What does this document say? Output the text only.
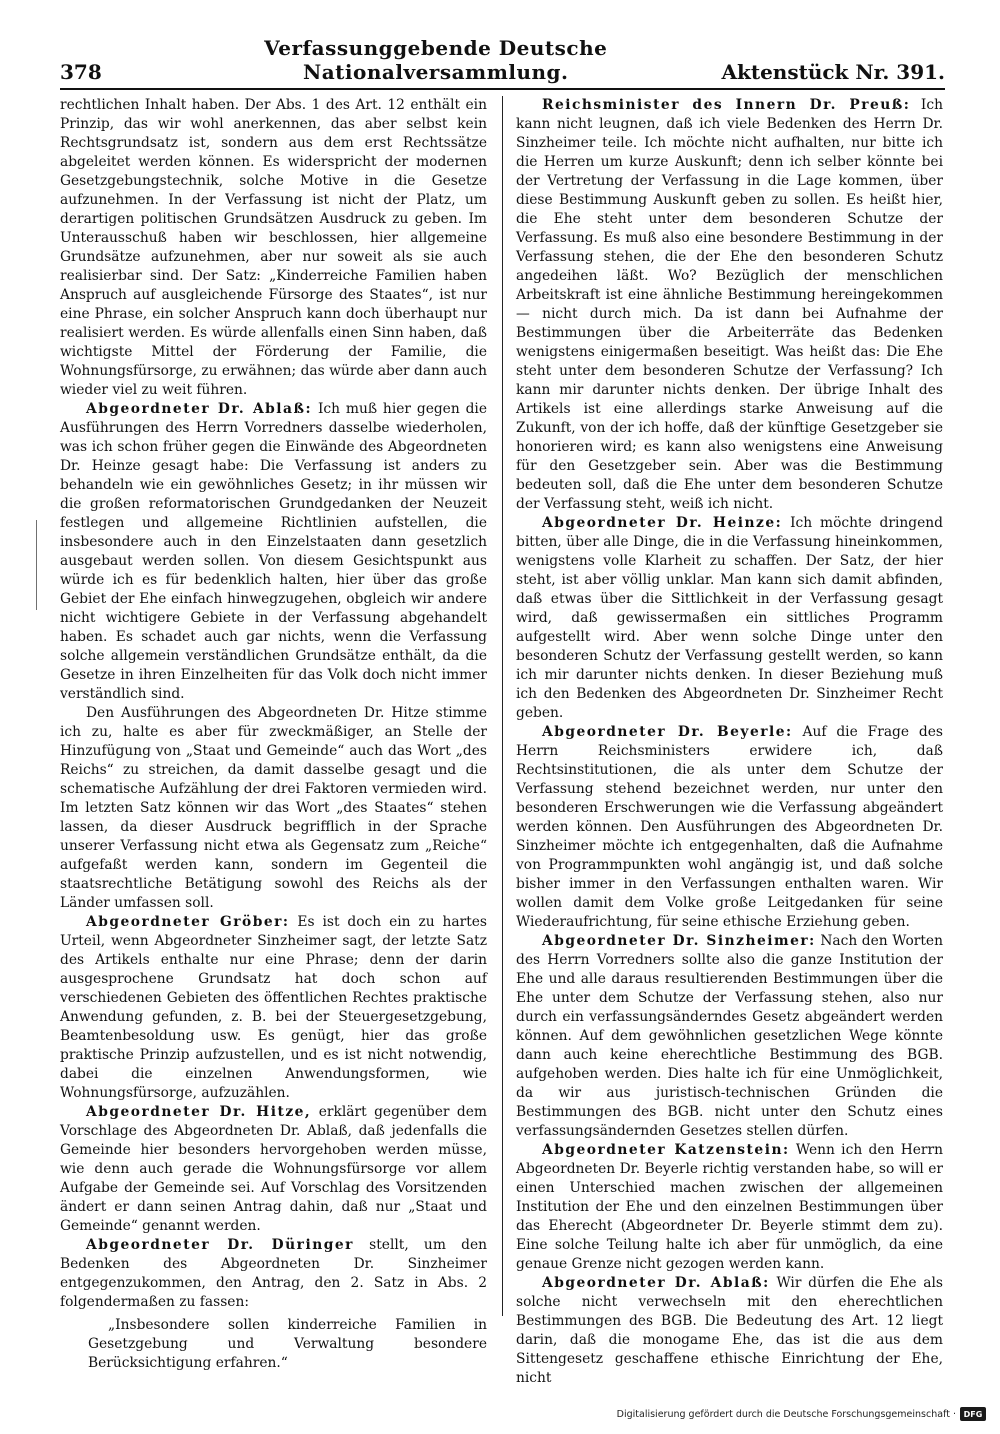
378
Verfassunggebende Deutsche Nationalversammlung.	Aktenstück Nr. 391.

rechtlichen Inhalt haben. Der Abs. 1 des Art. 12 enthält ein Prinzip, das wir wohl anerkennen, das aber selbst kein Rechtsgrundsatz ist, sondern aus dem erst Rechtssätze abgeleitet werden können. Es widerspricht der modernen Gesetzgebungstechnik, solche Motive in die Gesetze aufzunehmen. In der Verfassung ist nicht der Platz, um derartigen politischen Grundsätzen Ausdruck zu geben. Im Unterausschuß haben wir beschlossen, hier allgemeine Grundsätze aufzunehmen, aber nur soweit als sie auch realisierbar sind. Der Satz: „Kinderreiche Familien haben Anspruch auf ausgleichende Fürsorge des Staates“, ist nur eine Phrase, ein solcher Anspruch kann doch überhaupt nur realisiert werden. Es würde allenfalls einen Sinn haben, daß wichtigste Mittel der Förderung der Familie, die Wohnungsfürsorge, zu erwähnen; das würde aber dann auch wieder viel zu weit führen.

Abgeordneter Dr. Ablaß: Ich muß hier gegen die Ausführungen des Herrn Vorredners dasselbe wiederholen, was ich schon früher gegen die Einwände des Abgeordneten Dr. Heinze gesagt habe: Die Verfassung ist anders zu behandeln wie ein gewöhnliches Gesetz; in ihr müssen wir die großen reformatorischen Grundgedanken der Neuzeit festlegen und allgemeine Richtlinien aufstellen, die insbesondere auch in den Einzelstaaten dann gesetzlich ausgebaut werden sollen. Von diesem Gesichtspunkt aus würde ich es für bedenklich halten, hier über das große Gebiet der Ehe einfach hinwegzugehen, obgleich wir andere nicht wichtigere Gebiete in der Verfassung abgehandelt haben. Es schadet auch gar nichts, wenn die Verfassung solche allgemein verständlichen Grundsätze enthält, da die Gesetze in ihren Einzelheiten für das Volk doch nicht immer verständlich sind.

Den Ausführungen des Abgeordneten Dr. Hitze stimme ich zu, halte es aber für zweckmäßiger, an Stelle der Hinzufügung von „Staat und Gemeinde“ auch das Wort „des Reichs“ zu streichen, da damit dasselbe gesagt und die schematische Aufzählung der drei Faktoren vermieden wird. Im letzten Satz können wir das Wort „des Staates“ stehen lassen, da dieser Ausdruck begrifflich in der Sprache unserer Verfassung nicht etwa als Gegensatz zum „Reiche“ aufgefaßt werden kann, sondern im Gegenteil die staatsrechtliche Betätigung sowohl des Reichs als der Länder umfassen soll.

Abgeordneter Gröber: Es ist doch ein zu hartes Urteil, wenn Abgeordneter Sinzheimer sagt, der letzte Satz des Artikels enthalte nur eine Phrase; denn der darin ausgesprochene Grundsatz hat doch schon auf verschiedenen Gebieten des öffentlichen Rechtes praktische Anwendung gefunden, z. B. bei der Steuergesetzgebung, Beamtenbesoldung usw. Es genügt, hier das große praktische Prinzip aufzustellen, und es ist nicht notwendig, dabei die einzelnen Anwendungsformen, wie Wohnungsfürsorge, aufzuzählen.

Abgeordneter Dr. Hitze, erklärt gegenüber dem Vorschlage des Abgeordneten Dr. Ablaß, daß jedenfalls die Gemeinde hier besonders hervorgehoben werden müsse, wie denn auch gerade die Wohnungsfürsorge vor allem Aufgabe der Gemeinde sei. Auf Vorschlag des Vorsitzenden ändert er dann seinen Antrag dahin, daß nur „Staat und Gemeinde“ genannt werden.

Abgeordneter Dr. Düringer stellt, um den Bedenken des Abgeordneten Dr. Sinzheimer entgegenzukommen, den Antrag, den 2. Satz in Abs. 2 folgendermaßen zu fassen:

„Insbesondere sollen kinderreiche Familien in Gesetzgebung und Verwaltung besondere Berücksichtigung erfahren.“

Reichsminister des Innern Dr. Preuß: Ich kann nicht leugnen, daß ich viele Bedenken des Herrn Dr. Sinzheimer teile. Ich möchte nicht aufhalten, nur bitte ich die Herren um kurze Auskunft; denn ich selber könnte bei der Vertretung der Verfassung in die Lage kommen, über diese Bestimmung Auskunft geben zu sollen. Es heißt hier, die Ehe steht unter dem besonderen Schutze der Verfassung. Es muß also eine besondere Bestimmung in der Verfassung stehen, die der Ehe den besonderen Schutz angedeihen läßt. Wo? Bezüglich der menschlichen Arbeitskraft ist eine ähnliche Bestimmung hereingekommen — nicht durch mich. Da ist dann bei Aufnahme der Bestimmungen über die Arbeiterräte das Bedenken wenigstens einigermaßen beseitigt. Was heißt das: Die Ehe steht unter dem besonderen Schutze der Verfassung? Ich kann mir darunter nichts denken. Der übrige Inhalt des Artikels ist eine allerdings starke Anweisung auf die Zukunft, von der ich hoffe, daß der künftige Gesetzgeber sie honorieren wird; es kann also wenigstens eine Anweisung für den Gesetzgeber sein. Aber was die Bestimmung bedeuten soll, daß die Ehe unter dem besonderen Schutze der Verfassung steht, weiß ich nicht.

Abgeordneter Dr. Heinze: Ich möchte dringend bitten, über alle Dinge, die in die Verfassung hineinkommen, wenigstens volle Klarheit zu schaffen. Der Satz, der hier steht, ist aber völlig unklar. Man kann sich damit abfinden, daß etwas über die Sittlichkeit in der Verfassung gesagt wird, daß gewissermaßen ein sittliches Programm aufgestellt wird. Aber wenn solche Dinge unter den besonderen Schutz der Verfassung gestellt werden, so kann ich mir darunter nichts denken. In dieser Beziehung muß ich den Bedenken des Abgeordneten Dr. Sinzheimer Recht geben.

Abgeordneter Dr. Beyerle: Auf die Frage des Herrn Reichsministers erwidere ich, daß Rechtsinstitutionen, die als unter dem Schutze der Verfassung stehend bezeichnet werden, nur unter den besonderen Erschwerungen wie die Verfassung abgeändert werden können. Den Ausführungen des Abgeordneten Dr. Sinzheimer möchte ich entgegenhalten, daß die Aufnahme von Programmpunkten wohl angängig ist, und daß solche bisher immer in den Verfassungen enthalten waren. Wir wollen damit dem Volke große Leitgedanken für seine Wiederaufrichtung, für seine ethische Erziehung geben.

Abgeordneter Dr. Sinzheimer: Nach den Worten des Herrn Vorredners sollte also die ganze Institution der Ehe und alle daraus resultierenden Bestimmungen über die Ehe unter dem Schutze der Verfassung stehen, also nur durch ein verfassungsänderndes Gesetz abgeändert werden können. Auf dem gewöhnlichen gesetzlichen Wege könnte dann auch keine eherechtliche Bestimmung des BGB. aufgehoben werden. Dies halte ich für eine Unmöglichkeit, da wir aus juristisch-technischen Gründen die Bestimmungen des BGB. nicht unter den Schutz eines verfassungsändernden Gesetzes stellen dürfen.

Abgeordneter Katzenstein: Wenn ich den Herrn Abgeordneten Dr. Beyerle richtig verstanden habe, so will er einen Unterschied machen zwischen der allgemeinen Institution der Ehe und den einzelnen Bestimmungen über das Eherecht (Abgeordneter Dr. Beyerle stimmt dem zu). Eine solche Teilung halte ich aber für unmöglich, da eine genaue Grenze nicht gezogen werden kann.

Abgeordneter Dr. Ablaß: Wir dürfen die Ehe als solche nicht verwechseln mit den eherechtlichen Bestimmungen des BGB. Die Bedeutung des Art. 12 liegt darin, daß die monogame Ehe, das ist die aus dem Sittengesetz geschaffene ethische Einrichtung der Ehe, nicht

Digitalisierung gefördert durch die Deutsche Forschungsgemeinschaft · DFG
